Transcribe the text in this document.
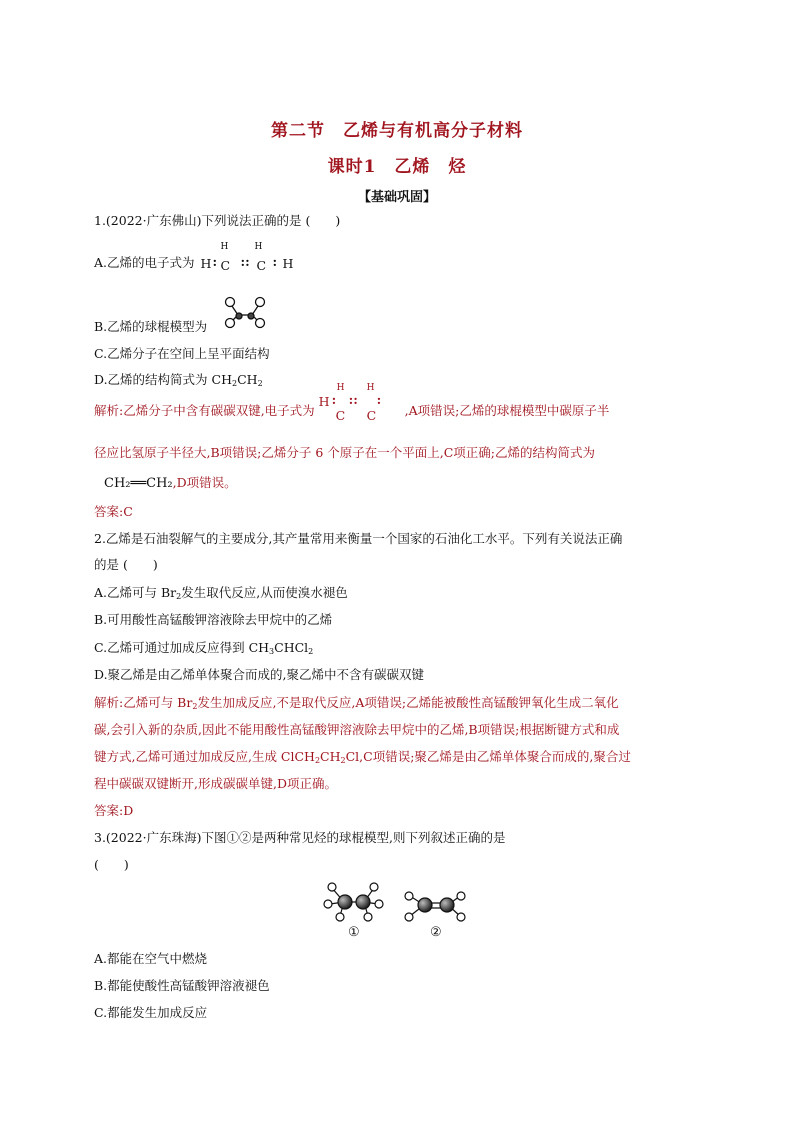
第二节　乙烯与有机高分子材料
课时1　乙烯　烃
【基础巩固】
1.(2022·广东佛山)下列说法正确的是 (　　)
A.乙烯的电子式为 H : C
H
:: C
H
: H
B.乙烯的球棍模型为
C.乙烯分子在空间上呈平面结构
D.乙烯的结构简式为 $CH_2CH_2$
解析:乙烯分子中含有碳碳双键,电子式为
H :
H
C
::
H
C
:
,A项错误;乙烯的球棍模型中碳原子半
径应比氢原子半径大,B项错误;乙烯分子 6 个原子在一个平面上,C项正确;乙烯的结构简式为
CH₂══CH₂,D项错误。
答案:C
2.乙烯是石油裂解气的主要成分,其产量常用来衡量一个国家的石油化工水平。下列有关说法正确
的是 (　　)
A.乙烯可与 $Br_2$发生取代反应,从而使溴水褪色
B.可用酸性高锰酸钾溶液除去甲烷中的乙烯
C.乙烯可通过加成反应得到 $CH_3CHCl_2$
D.聚乙烯是由乙烯单体聚合而成的,聚乙烯中不含有碳碳双键
解析:乙烯可与 $Br_2$发生加成反应,不是取代反应,A项错误;乙烯能被酸性高锰酸钾氧化生成二氧化
碳,会引入新的杂质,因此不能用酸性高锰酸钾溶液除去甲烷中的乙烯,B项错误;根据断键方式和成
键方式,乙烯可通过加成反应,生成 $ClCH_2CH_2Cl,C$项错误;聚乙烯是由乙烯单体聚合而成的,聚合过
程中碳碳双键断开,形成碳碳单键,D项正确。
答案:D
3.(2022·广东珠海)下图①②是两种常见烃的球棍模型,则下列叙述正确的是
(　　)
①	②
A.都能在空气中燃烧
B.都能使酸性高锰酸钾溶液褪色
C.都能发生加成反应
